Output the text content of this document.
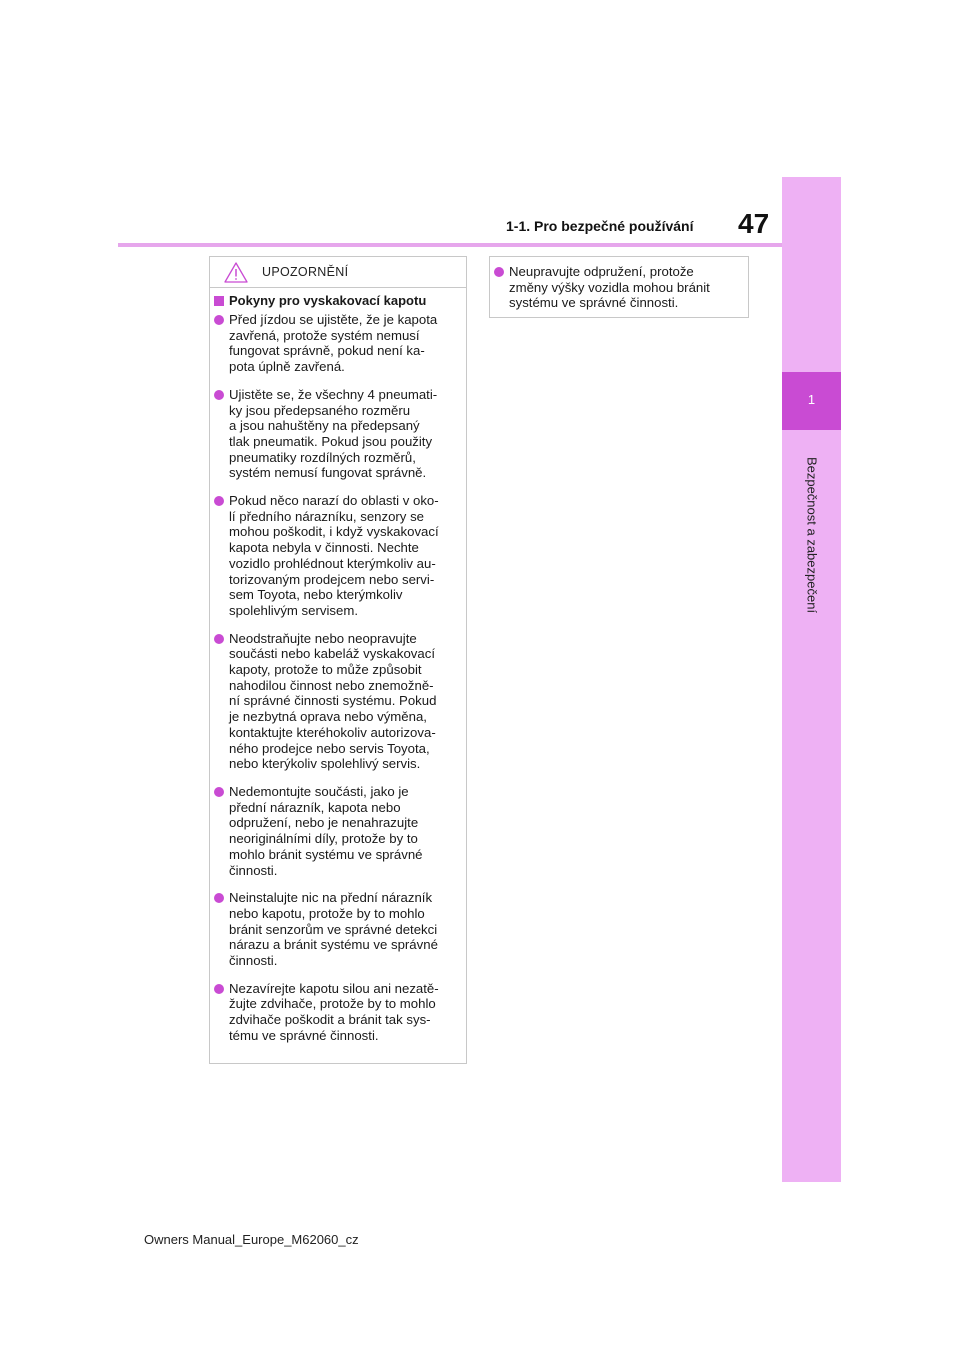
1
Bezpečnost a zabezpečení
47
1-1. Pro bezpečné používání
UPOZORNĚNÍ
Pokyny pro vyskakovací kapotu
Před jízdou se ujistěte, že je kapota
zavřená, protože systém nemusí
fungovat správně, pokud není ka-
pota úplně zavřená.
Ujistěte se, že všechny 4 pneumati-
ky jsou předepsaného rozměru
a jsou nahuštěny na předepsaný
tlak pneumatik. Pokud jsou použity
pneumatiky rozdílných rozměrů,
systém nemusí fungovat správně.
Pokud něco narazí do oblasti v oko-
lí předního nárazníku, senzory se
mohou poškodit, i když vyskakovací
kapota nebyla v činnosti. Nechte
vozidlo prohlédnout kterýmkoliv au-
torizovaným prodejcem nebo servi-
sem Toyota, nebo kterýmkoliv
spolehlivým servisem.
Neodstraňujte nebo neopravujte
součásti nebo kabeláž vyskakovací
kapoty, protože to může způsobit
nahodilou činnost nebo znemožně-
ní správné činnosti systému. Pokud
je nezbytná oprava nebo výměna,
kontaktujte kteréhokoliv autorizova-
ného prodejce nebo servis Toyota,
nebo kterýkoliv spolehlivý servis.
Nedemontujte součásti, jako je
přední nárazník, kapota nebo
odpružení, nebo je nenahrazujte
neoriginálními díly, protože by to
mohlo bránit systému ve správné
činnosti.
Neinstalujte nic na přední nárazník
nebo kapotu, protože by to mohlo
bránit senzorům ve správné detekci
nárazu a bránit systému ve správné
činnosti.
Nezavírejte kapotu silou ani nezatě-
žujte zdvihače, protože by to mohlo
zdvihače poškodit a bránit tak sys-
tému ve správné činnosti.
Neupravujte odpružení, protože
změny výšky vozidla mohou bránit
systému ve správné činnosti.
Owners Manual_Europe_M62060_cz
